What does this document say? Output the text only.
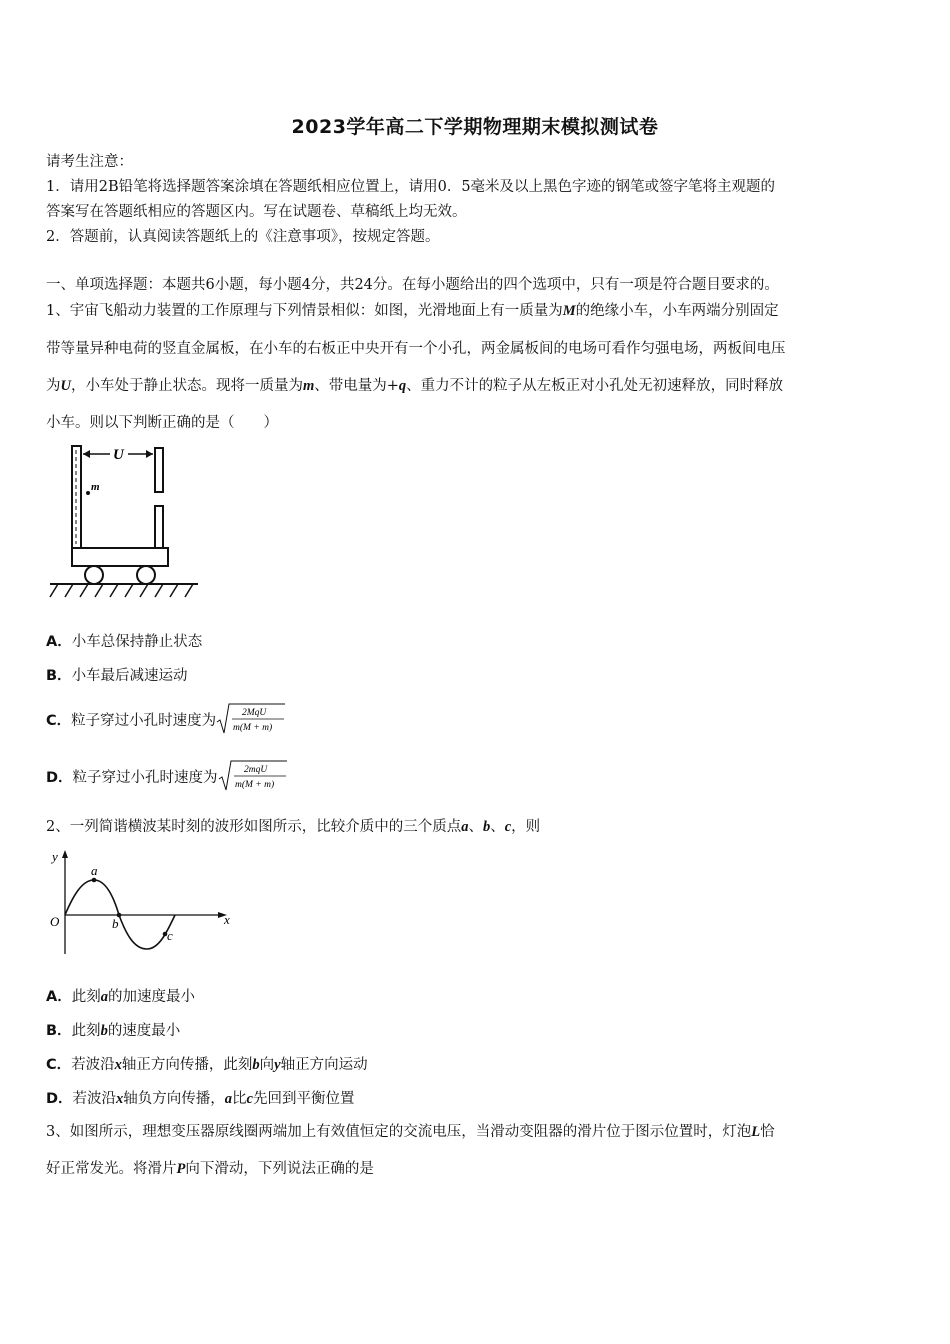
2023学年高二下学期物理期末模拟测试卷
请考生注意：
1．请用2B铅笔将选择题答案涂填在答题纸相应位置上，请用0．5毫米及以上黑色字迹的钢笔或签字笔将主观题的
答案写在答题纸相应的答题区内。写在试题卷、草稿纸上均无效。
2．答题前，认真阅读答题纸上的《注意事项》，按规定答题。
一、单项选择题：本题共6小题，每小题4分，共24分。在每小题给出的四个选项中，只有一项是符合题目要求的。
1、宇宙飞船动力装置的工作原理与下列情景相似：如图，光滑地面上有一质量为M的绝缘小车，小车两端分别固定
带等量异种电荷的竖直金属板，在小车的右板正中央开有一个小孔，两金属板间的电场可看作匀强电场，两板间电压
为U，小车处于静止状态。现将一质量为m、带电量为+q、重力不计的粒子从左板正对小孔处无初速释放，同时释放
小车。则以下判断正确的是（　　）
U
m
A．小车总保持静止状态
B．小车最后减速运动
C．粒子穿过小孔时速度为	2MqU
m(M + m)
D．粒子穿过小孔时速度为	2mqU
m(M + m)
2、一列简谐横波某时刻的波形如图所示，比较介质中的三个质点a、b、c，则
y
x
O
a
b
c
A．此刻a的加速度最小
B．此刻b的速度最小
C．若波沿x轴正方向传播，此刻b向y轴正方向运动
D．若波沿x轴负方向传播，a比c先回到平衡位置
3、如图所示，理想变压器原线圈两端加上有效值恒定的交流电压，当滑动变阻器的滑片位于图示位置时，灯泡L恰
好正常发光。将滑片P向下滑动，下列说法正确的是
